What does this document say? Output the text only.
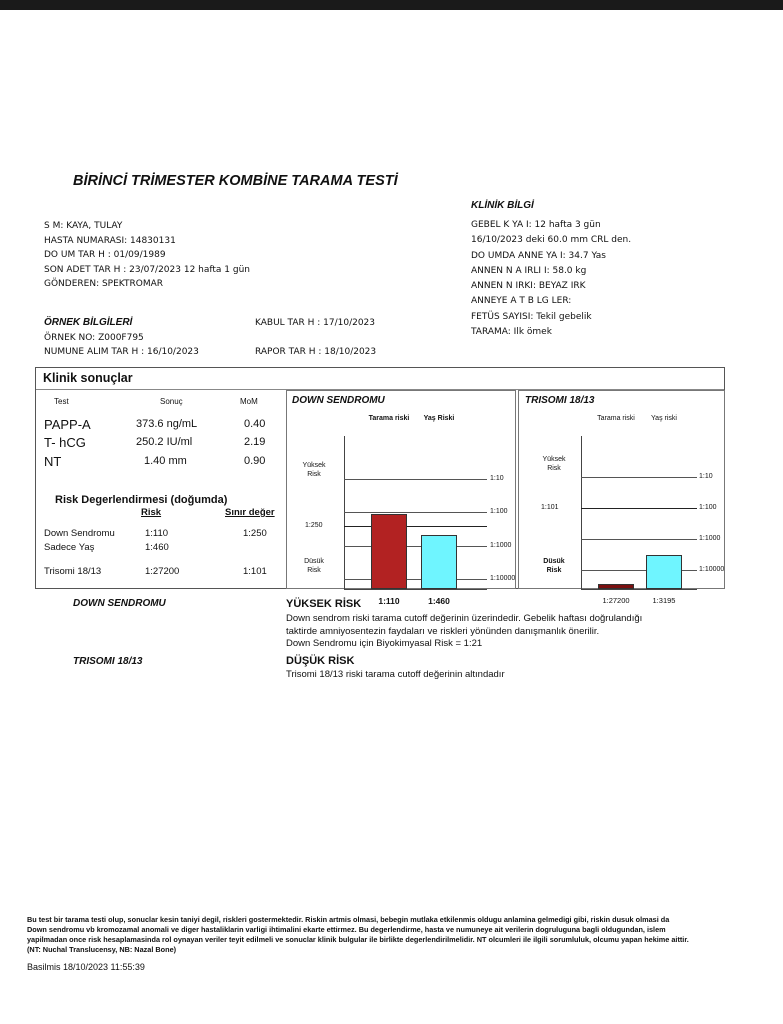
BİRİNCİ TRİMESTER KOMBİNE TARAMA TESTİ
S M: KAYA, TULAY
HASTA NUMARASI: 14830131
DO UM TAR H : 01/09/1989
SON ADET TAR H : 23/07/2023 12 hafta 1 gün
GÖNDEREN: SPEKTROMAR
KLİNİK BİLGİ
GEBEL K YA I: 12 hafta 3 gün
16/10/2023 deki 60.0 mm CRL den.
DO UMDA ANNE YA I: 34.7 Yas
ANNEN N A IRLI I: 58.0 kg
ANNEN N IRKI: BEYAZ IRK
ANNEYE A T B LG LER:
FETÜS SAYISI: Tekil gebelik
TARAMA: Ilk ömek
ÖRNEK BİLGİLERİ
ÖRNEK NO: Z000F795
NUMUNE ALIM TAR H : 16/10/2023
KABUL TAR H : 17/10/2023
RAPOR TAR H : 18/10/2023
Klinik sonuçlar
Test	Sonuç	MoM
PAPP-A	373.6 ng/mL	0.40
T- hCG	250.2 IU/ml	2.19
NT	1.40 mm	0.90
Risk Degerlendirmesi (doğumda)
Risk	Sınır değer
Down Sendromu	1:110	1:250
Sadece Yaş	1:460
Trisomi 18/13	1:27200	1:101
DOWN SENDROMU
Tarama riski	Yaş Riski
1:10
1:100
1:1000
1:10000
1:250
Yüksek Risk
Düsük Risk
1:110	1:460
TRISOMI 18/13
Tarama riski	Yaş riski
1:10
1:100
1:1000
1:10000
1:101
Yüksek Risk
Düsük Risk
1:27200	1:3195
DOWN SENDROMU	YÜKSEK RİSK
Down sendrom riski tarama cutoff değerinin üzerindedir. Gebelik haftası doğrulandığı
taktirde amniyosentezin faydaları ve riskleri yönünden danışmanlık önerilir.
Down Sendromu için Biyokimyasal Risk = 1:21
TRISOMI 18/13	DÜŞÜK RİSK
Trisomi 18/13 riski tarama cutoff değerinin altındadır
Bu test bir tarama testi olup, sonuclar kesin taniyi degil, riskleri gostermektedir. Riskin artmis olmasi, bebegin mutlaka etkilenmis oldugu anlamina gelmedigi gibi, riskin dusuk olmasi da
Down sendromu vb kromozamal anomali ve diger hastaliklarin varligi ihtimalini ekarte ettirmez. Bu degerlendirme, hasta ve numuneye ait verilerin dogruluguna bagli oldugundan, islem
yapilmadan once risk hesaplamasinda rol oynayan veriler teyit edilmeli ve sonuclar klinik bulgular ile birlikte degerlendirilmelidir. NT olcumleri ile ilgili sorumluluk, olcumu yapan hekime aittir.
(NT: Nuchal Translucensy, NB: Nazal Bone)
Basilmis 18/10/2023 11:55:39
